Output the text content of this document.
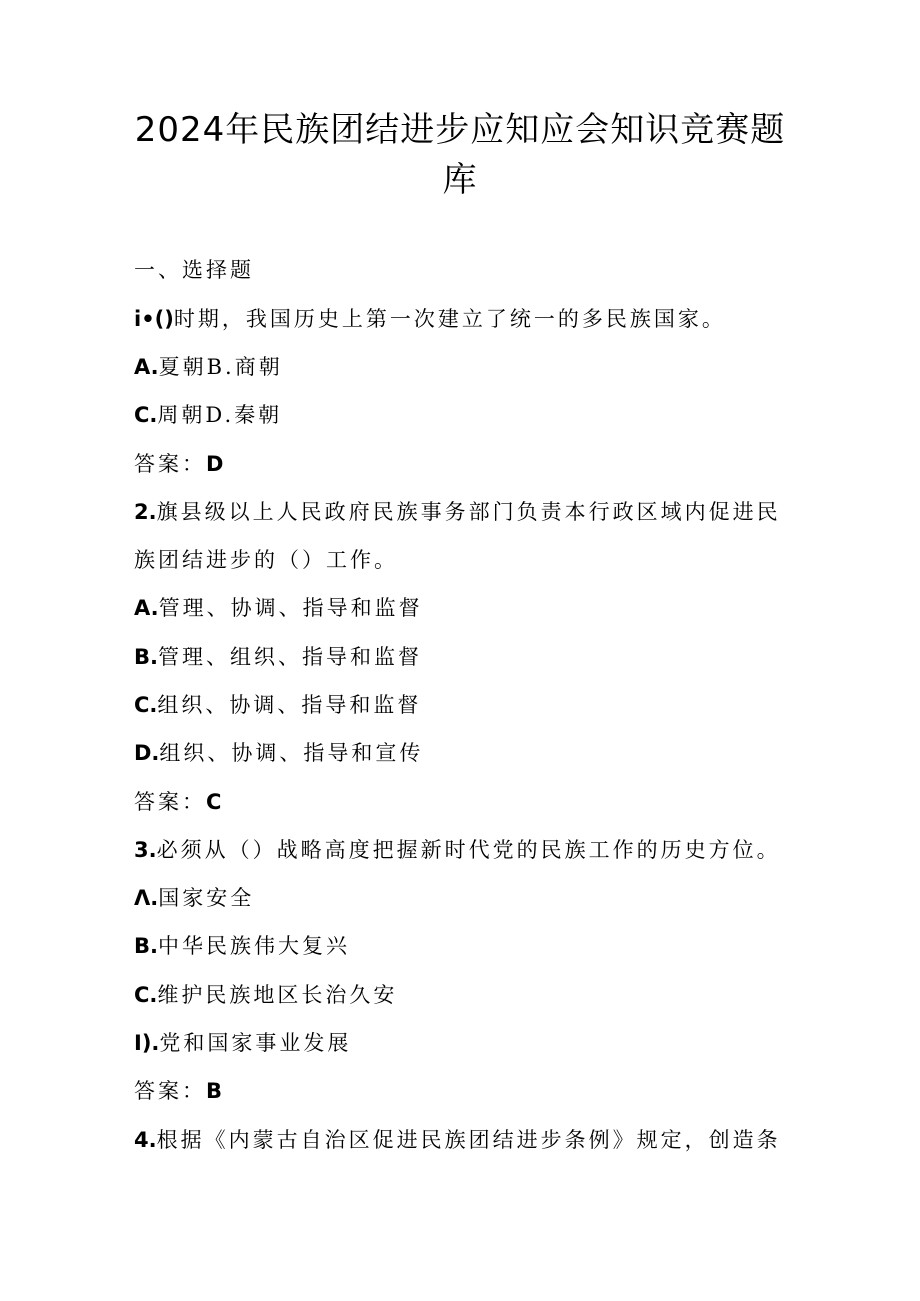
2024年民族团结进步应知应会知识竞赛题
库
一、选择题
i•()时期，我国历史上第一次建立了统一的多民族国家。
A.夏朝B.商朝
C.周朝D.秦朝
答案：D
2.旗县级以上人民政府民族事务部门负责本行政区域内促进民
族团结进步的（）工作。
A.管理、协调、指导和监督
B.管理、组织、指导和监督
C.组织、协调、指导和监督
D.组织、协调、指导和宣传
答案：C
3.必须从（）战略高度把握新时代党的民族工作的历史方位。
Λ.国家安全
B.中华民族伟大复兴
C.维护民族地区长治久安
I).党和国家事业发展
答案：B
4.根据《内蒙古自治区促进民族团结进步条例》规定，创造条
